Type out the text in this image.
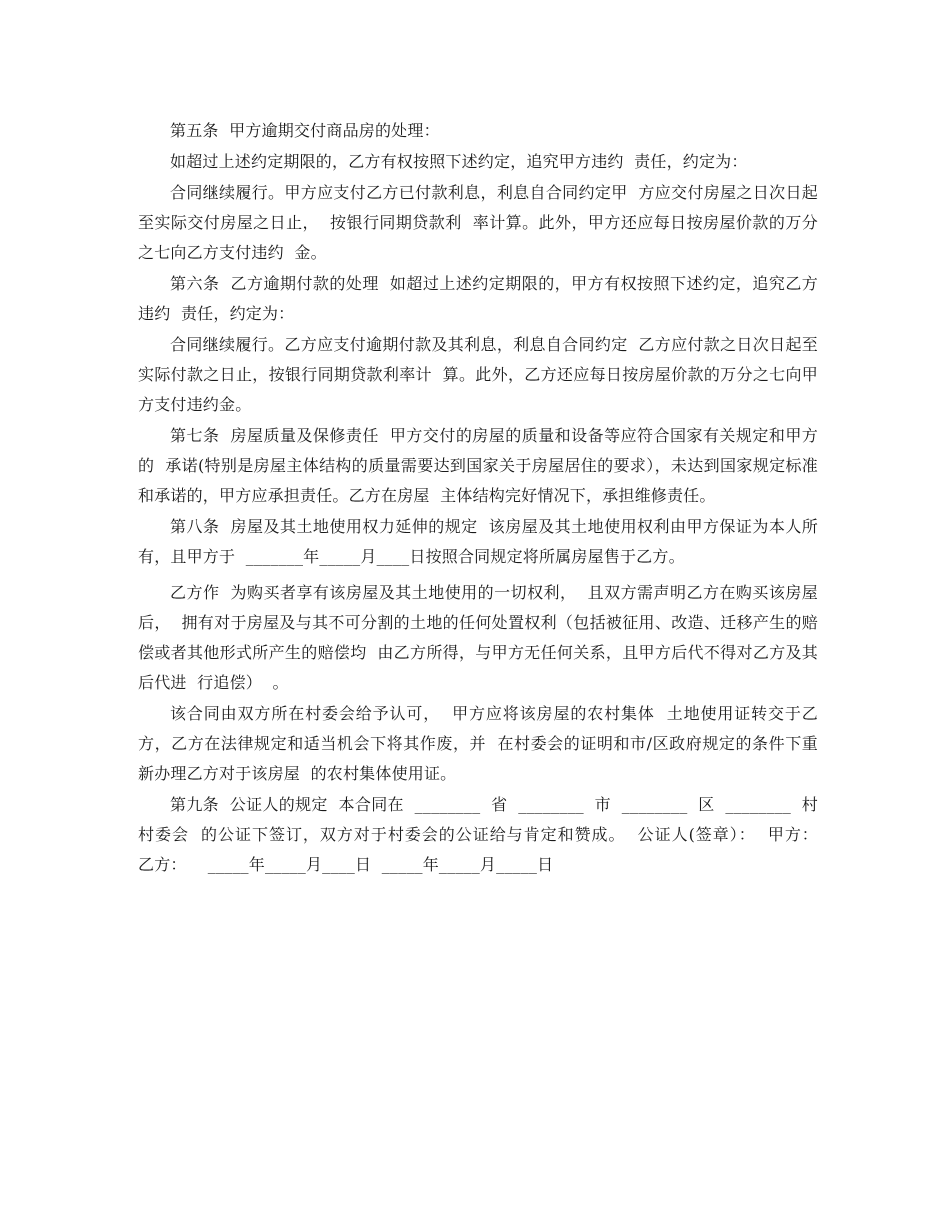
第五条  甲方逾期交付商品房的处理：

如超过上述约定期限的，乙方有权按照下述约定，追究甲方违约  责任，约定为：

合同继续履行。甲方应支付乙方已付款利息，利息自合同约定甲  方应交付房屋之日次日起至实际交付房屋之日止，  按银行同期贷款利  率计算。此外，甲方还应每日按房屋价款的万分之七向乙方支付违约  金。

第六条  乙方逾期付款的处理  如超过上述约定期限的，甲方有权按照下述约定，追究乙方违约  责任，约定为：

合同继续履行。乙方应支付逾期付款及其利息，利息自合同约定  乙方应付款之日次日起至实际付款之日止，按银行同期贷款利率计  算。此外，乙方还应每日按房屋价款的万分之七向甲方支付违约金。

第七条  房屋质量及保修责任  甲方交付的房屋的质量和设备等应符合国家有关规定和甲方的  承诺(特别是房屋主体结构的质量需要达到国家关于房屋居住的要求），未达到国家规定标准和承诺的，甲方应承担责任。乙方在房屋  主体结构完好情况下，承担维修责任。

第八条  房屋及其土地使用权力延伸的规定  该房屋及其土地使用权利由甲方保证为本人所有，且甲方于  _______年_____月____日按照合同规定将所属房屋售于乙方。

乙方作  为购买者享有该房屋及其土地使用的一切权利，  且双方需声明乙方在购买该房屋后，  拥有对于房屋及与其不可分割的土地的任何处置权利（包括被征用、改造、迁移产生的赔偿或者其他形式所产生的赔偿均  由乙方所得，与甲方无任何关系，且甲方后代不得对乙方及其后代进  行追偿）  。

该合同由双方所在村委会给予认可，  甲方应将该房屋的农村集体  土地使用证转交于乙方，乙方在法律规定和适当机会下将其作废，并  在村委会的证明和市/区政府规定的条件下重新办理乙方对于该房屋  的农村集体使用证。

第九条  公证人的规定  本合同在  ________  省  ________  市  ________  区  ________  村村委会  的公证下签订，双方对于村委会的公证给与肯定和赞成。  公证人(签章）：  甲方：    乙方：    _____年_____月____日  _____年_____月_____日
